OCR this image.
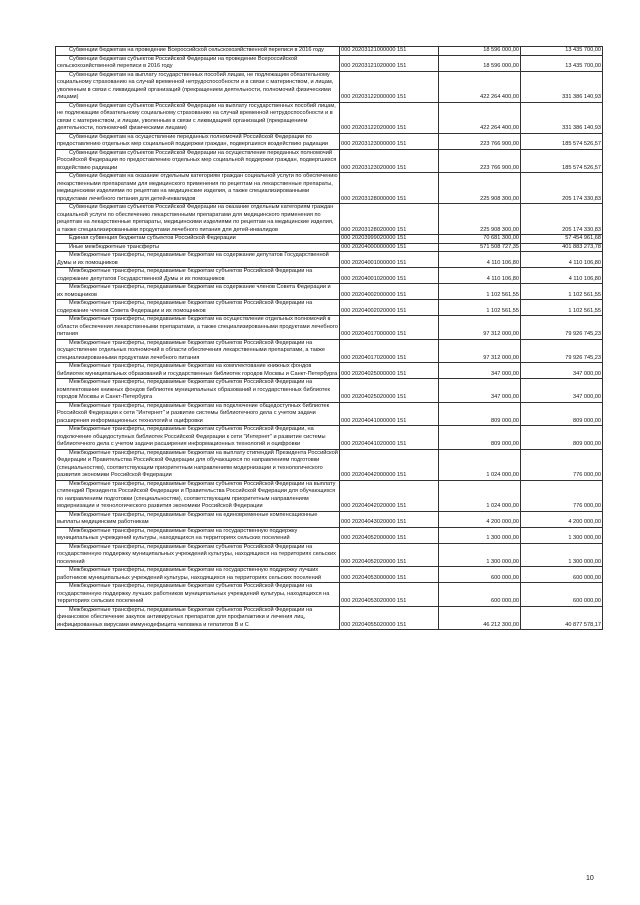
Субвенции бюджетам на проведение Всероссийской сельскохозяйственной переписи в 2016 году	000 20203121000000 151	18 596 000,00	13 435 700,00
Субвенции бюджетам субъектов Российской Федерации на проведение Всероссийской сельскохозяйственной переписи в 2016 году	000 20203121020000 151	18 596 000,00	13 435 700,00
Субвенции бюджетам на выплату государственных пособий лицам, не подлежащим обязательному социальному страхованию на случай временной нетрудоспособности и в связи с материнством, и лицам, уволенным в связи с ликвидацией организаций (прекращением деятельности, полномочий физическими лицами)	000 20203122000000 151	422 264 400,00	331 386 140,93
Субвенции бюджетам субъектов Российской Федерации на выплату государственных пособий лицам, не подлежащим обязательному социальному страхованию на случай временной нетрудоспособности и в связи с материнством, и лицам, уволенным в связи с ликвидацией организаций (прекращением деятельности, полномочий физическими лицами)	000 20203122020000 151	422 264 400,00	331 386 140,93
Субвенции бюджетам на осуществление переданных полномочий Российской Федерации по предоставлению отдельных мер социальной поддержки граждан, подвергшихся воздействию радиации	000 20203123000000 151	223 766 900,00	185 574 526,57
Субвенции бюджетам субъектов Российской Федерации на осуществление переданных полномочий Российской Федерации по предоставлению отдельных мер социальной поддержки граждан, подвергшихся воздействию радиации	000 20203123020000 151	223 766 900,00	185 574 526,57
Субвенции бюджетам на оказание отдельным категориям граждан социальной услуги по обеспечению лекарственными препаратами для медицинского применения по рецептам на лекарственные препараты, медицинскими изделиями по рецептам на медицинские изделия, а также специализированными продуктами лечебного питания для детей-инвалидов	000 20203128000000 151	225 908 300,00	205 174 330,83
Субвенции бюджетам субъектов Российской Федерации на оказание отдельным категориям граждан социальной услуги по обеспечению лекарственными препаратами для медицинского применения по рецептам на лекарственные препараты, медицинскими изделиями по рецептам на медицинские изделия, а также специализированными продуктами лечебного питания для детей-инвалидов	000 20203128020000 151	225 908 300,00	205 174 330,83
Единая субвенция бюджетам субъектов Российской Федерации	000 20203999020000 151	70 681 300,00	57 454 961,68
Иные межбюджетные трансферты	000 20204000000000 151	571 508 727,35	401 883 273,78
Межбюджетные трансферты, передаваемые бюджетам на содержание депутатов Государственной Думы и их помощников	000 20204001000000 151	4 110 106,80	4 110 106,80
Межбюджетные трансферты, передаваемые бюджетам субъектов Российской Федерации на содержание депутатов Государственной Думы и их помощников	000 20204001020000 151	4 110 106,80	4 110 106,80
Межбюджетные трансферты, передаваемые бюджетам на содержание членов Совета Федерации и их помощников	000 20204002000000 151	1 102 561,55	1 102 561,55
Межбюджетные трансферты, передаваемые бюджетам субъектов Российской Федерации на содержание членов Совета Федерации и их помощников	000 20204002020000 151	1 102 561,55	1 102 561,55
Межбюджетные трансферты, передаваемые бюджетам на осуществление отдельных полномочий в области обеспечения лекарственными препаратами, а также специализированными продуктами лечебного питания	000 20204017000000 151	97 312 000,00	79 926 745,23
Межбюджетные трансферты, передаваемые бюджетам субъектов Российской Федерации на осуществление отдельных полномочий в области обеспечения лекарственными препаратами, а также специализированными продуктами лечебного питания	000 20204017020000 151	97 312 000,00	79 926 745,23
Межбюджетные трансферты, передаваемые бюджетам на комплектование книжных фондов библиотек муниципальных образований и государственных библиотек городов Москвы и Санкт-Петербурга	000 20204025000000 151	347 000,00	347 000,00
Межбюджетные трансферты, передаваемые бюджетам субъектов Российской Федерации на комплектование книжных фондов библиотек муниципальных образований и государственных библиотек городов Москвы и Санкт-Петербурга	000 20204025020000 151	347 000,00	347 000,00
Межбюджетные трансферты, передаваемые бюджетам на подключение общедоступных библиотек Российской Федерации к сети "Интернет" и развитие системы библиотечного дела с учетом задачи расширения информационных технологий и оцифровки	000 20204041000000 151	809 000,00	809 000,00
Межбюджетные трансферты, передаваемые бюджетам субъектов Российской Федерации, на подключение общедоступных библиотек Российской Федерации к сети "Интернет" и развитие системы библиотечного дела с учетом задачи расширения информационных технологий и оцифровки	000 20204041020000 151	809 000,00	809 000,00
Межбюджетные трансферты, передаваемые бюджетам на выплату стипендий Президента Российской Федерации и Правительства Российской Федерации для обучающихся по направлениям подготовки (специальностям), соответствующим приоритетным направлениям модернизации и технологического развития экономики Российской Федерации	000 20204042000000 151	1 024 000,00	776 000,00
Межбюджетные трансферты, передаваемые бюджетам субъектов Российской Федерации на выплату стипендий Президента Российской Федерации и Правительства Российской Федерации для обучающихся по направлениям подготовки (специальностям), соответствующим приоритетным направлениям модернизации и технологического развития экономики Российской Федерации	000 20204042020000 151	1 024 000,00	776 000,00
Межбюджетные трансферты, передаваемые бюджетам на единовременные компенсационные выплаты медицинским работникам	000 20204043020000 151	4 200 000,00	4 200 000,00
Межбюджетные трансферты, передаваемые бюджетам на государственную поддержку муниципальных учреждений культуры, находящихся на территориях сельских поселений	000 20204052000000 151	1 300 000,00	1 300 000,00
Межбюджетные трансферты, передаваемые бюджетам субъектов Российской Федерации на государственную поддержку муниципальных учреждений культуры, находящихся на территориях сельских поселений	000 20204052020000 151	1 300 000,00	1 300 000,00
Межбюджетные трансферты, передаваемые бюджетам на государственную поддержку лучших работников муниципальных учреждений культуры, находящихся на территориях сельских поселений	000 20204053000000 151	600 000,00	600 000,00
Межбюджетные трансферты, передаваемые бюджетам субъектов Российской Федерации на государственную поддержку лучших работников муниципальных учреждений культуры, находящихся на территориях сельских поселений	000 20204053020000 151	600 000,00	600 000,00
Межбюджетные трансферты, передаваемые бюджетам субъектов Российской Федерации на финансовое обеспечение закупок антивирусных препаратов для профилактики и лечения лиц, инфицированных вирусами иммунодефицита человека и гепатитов B и C	000 20204055020000 151	46 212 300,00	40 877 578,17
10
